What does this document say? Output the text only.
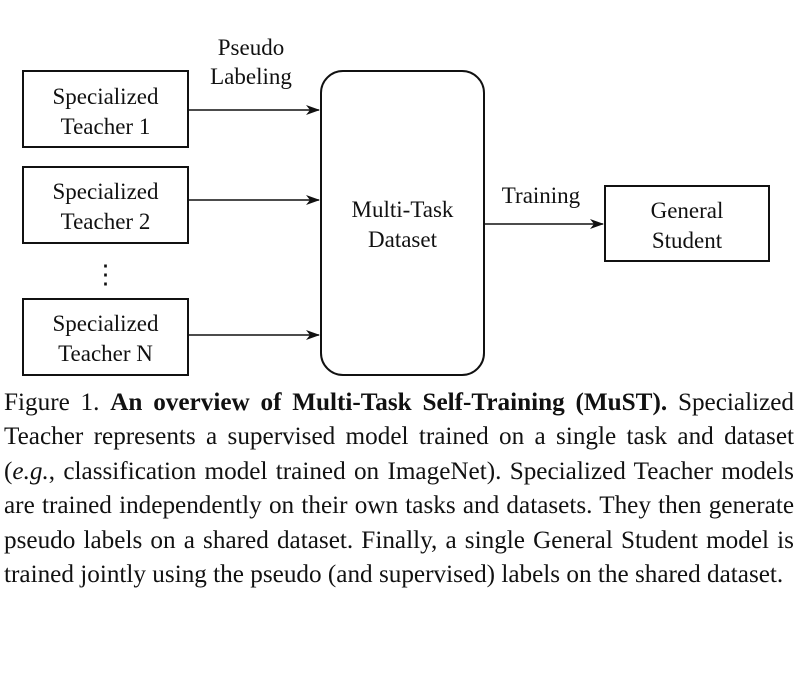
Specialized
Teacher 1
Specialized
Teacher 2
⋮
Specialized
Teacher N
Pseudo
Labeling
Multi-Task
Dataset
Training
General
Student
Figure 1. An overview of Multi-Task Self-Training (MuST). Specialized Teacher represents a supervised model trained on a single task and dataset (e.g., classification model trained on ImageNet). Specialized Teacher models are trained independently on their own tasks and datasets. They then generate pseudo labels on a shared dataset. Finally, a single General Student model is trained jointly using the pseudo (and supervised) labels on the shared dataset.
